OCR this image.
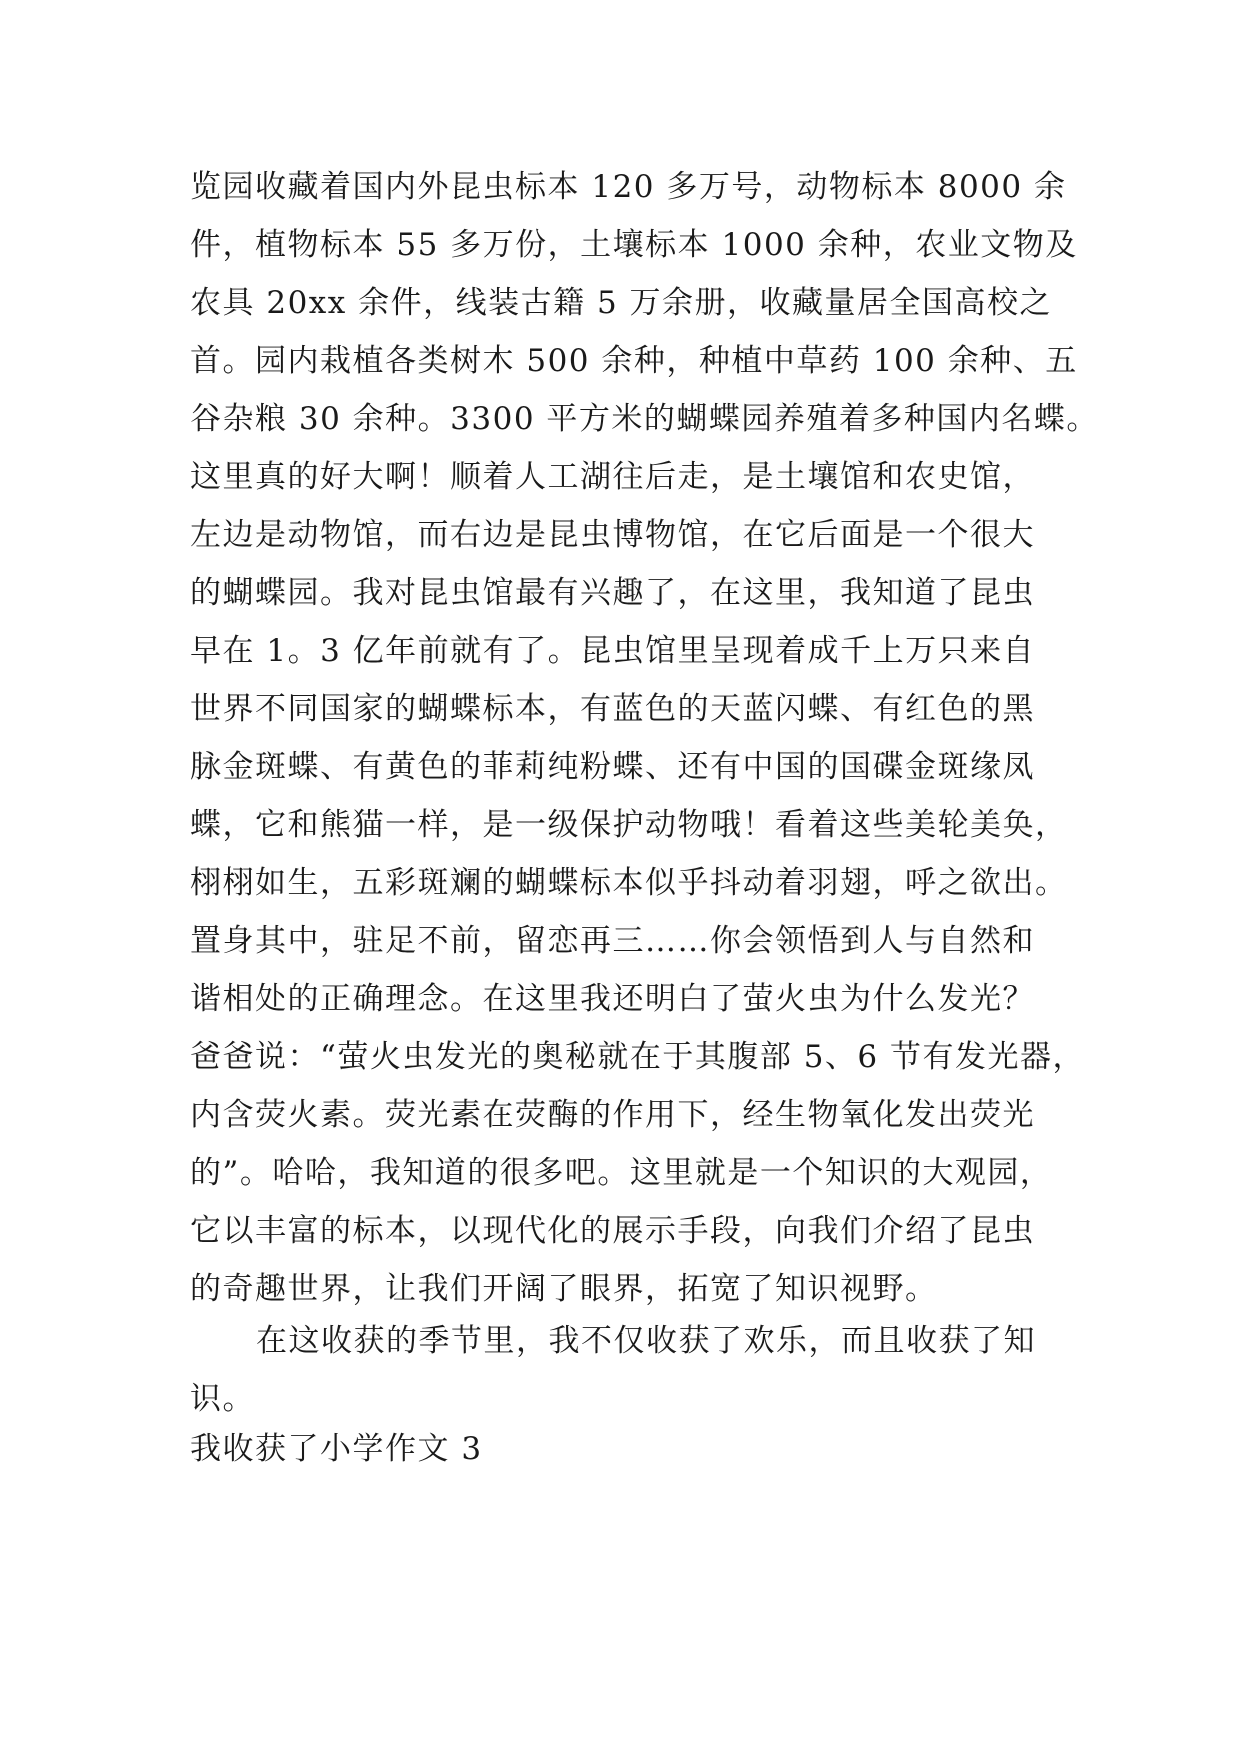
览园收藏着国内外昆虫标本 120 多万号，动物标本 8000 余
件，植物标本 55 多万份，土壤标本 1000 余种，农业文物及
农具 20xx 余件，线装古籍 5 万余册，收藏量居全国高校之
首。园内栽植各类树木 500 余种，种植中草药 100 余种、五
谷杂粮 30 余种。3300 平方米的蝴蝶园养殖着多种国内名蝶。
这里真的好大啊！顺着人工湖往后走，是土壤馆和农史馆，
左边是动物馆，而右边是昆虫博物馆，在它后面是一个很大
的蝴蝶园。我对昆虫馆最有兴趣了，在这里，我知道了昆虫
早在 1。3 亿年前就有了。昆虫馆里呈现着成千上万只来自
世界不同国家的蝴蝶标本，有蓝色的天蓝闪蝶、有红色的黑
脉金斑蝶、有黄色的菲莉纯粉蝶、还有中国的国碟金斑缘凤
蝶，它和熊猫一样，是一级保护动物哦！看着这些美轮美奂，
栩栩如生，五彩斑斓的蝴蝶标本似乎抖动着羽翅，呼之欲出。
置身其中，驻足不前，留恋再三……你会领悟到人与自然和
谐相处的正确理念。在这里我还明白了萤火虫为什么发光？
爸爸说：“萤火虫发光的奥秘就在于其腹部 5、6 节有发光器，
内含荧火素。荧光素在荧酶的作用下，经生物氧化发出荧光
的”。哈哈，我知道的很多吧。这里就是一个知识的大观园，
它以丰富的标本，以现代化的展示手段，向我们介绍了昆虫
的奇趣世界，让我们开阔了眼界，拓宽了知识视野。
在这收获的季节里，我不仅收获了欢乐，而且收获了知
识。
我收获了小学作文 3
